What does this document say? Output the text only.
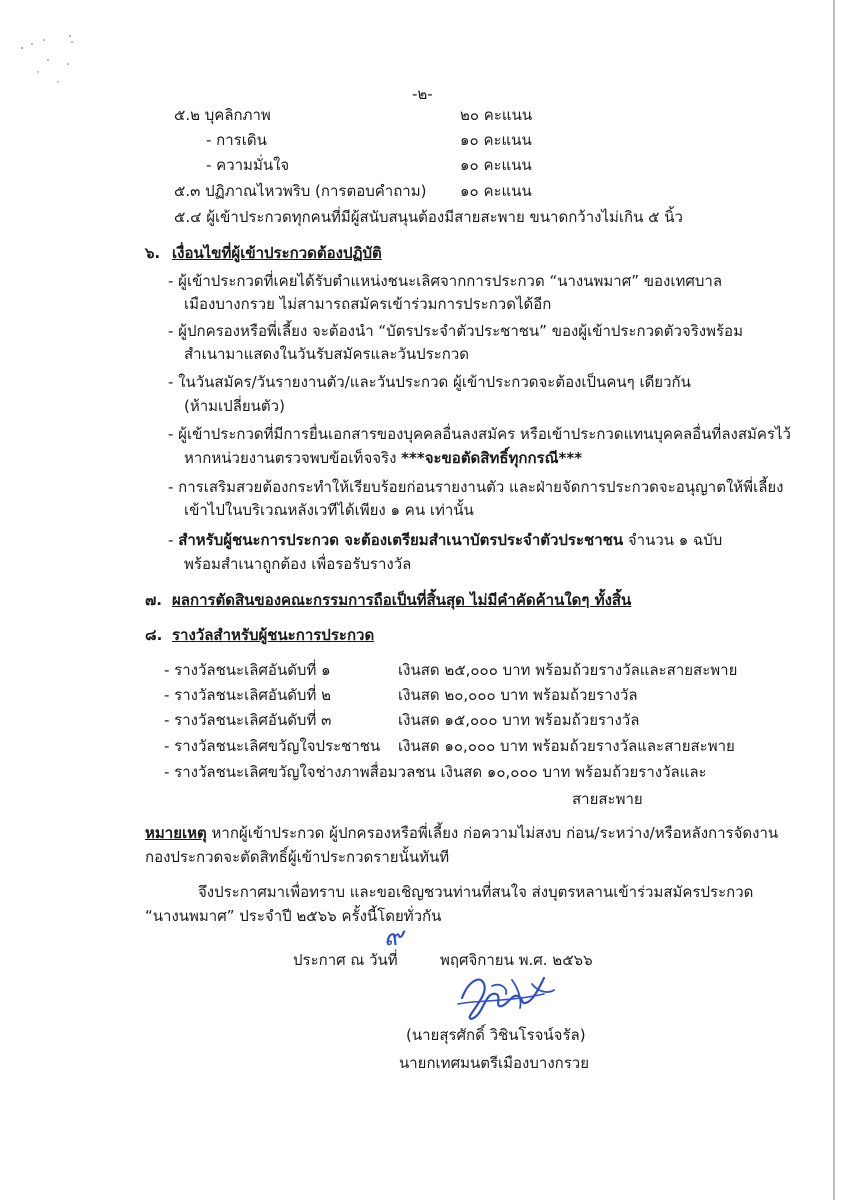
-๒-
๕.๒ บุคลิกภาพ	๒๐ คะแนน
- การเดิน	๑๐ คะแนน
- ความมั่นใจ	๑๐ คะแนน
๕.๓ ปฏิภาณไหวพริบ (การตอบคำถาม) ๑๐ คะแนน
๕.๔ ผู้เข้าประกวดทุกคนที่มีผู้สนับสนุนต้องมีสายสะพาย ขนาดกว้างไม่เกิน ๕ นิ้ว
๖. เงื่อนไขที่ผู้เข้าประกวดต้องปฏิบัติ
- ผู้เข้าประกวดที่เคยได้รับตำแหน่งชนะเลิศจากการประกวด “นางนพมาศ” ของเทศบาล
เมืองบางกรวย ไม่สามารถสมัครเข้าร่วมการประกวดได้อีก
- ผู้ปกครองหรือพี่เลี้ยง จะต้องนำ “บัตรประจำตัวประชาชน” ของผู้เข้าประกวดตัวจริงพร้อม
สำเนามาแสดงในวันรับสมัครและวันประกวด
- ในวันสมัคร/วันรายงานตัว/และวันประกวด ผู้เข้าประกวดจะต้องเป็นคนๆ เดียวกัน
(ห้ามเปลี่ยนตัว)
- ผู้เข้าประกวดที่มีการยื่นเอกสารของบุคคลอื่นลงสมัคร หรือเข้าประกวดแทนบุคคลอื่นที่ลงสมัครไว้
หากหน่วยงานตรวจพบข้อเท็จจริง ***จะขอตัดสิทธิ์ทุกกรณี***
- การเสริมสวยต้องกระทำให้เรียบร้อยก่อนรายงานตัว และฝ่ายจัดการประกวดจะอนุญาตให้พี่เลี้ยง
เข้าไปในบริเวณหลังเวทีได้เพียง ๑ คน เท่านั้น
- สำหรับผู้ชนะการประกวด จะต้องเตรียมสำเนาบัตรประจำตัวประชาชน จำนวน ๑ ฉบับ
พร้อมสำเนาถูกต้อง เพื่อรอรับรางวัล
๗. ผลการตัดสินของคณะกรรมการถือเป็นที่สิ้นสุด ไม่มีคำคัดค้านใดๆ ทั้งสิ้น
๘. รางวัลสำหรับผู้ชนะการประกวด
- รางวัลชนะเลิศอันดับที่ ๑	เงินสด ๒๕,๐๐๐ บาท พร้อมถ้วยรางวัลและสายสะพาย
- รางวัลชนะเลิศอันดับที่ ๒	เงินสด ๒๐,๐๐๐ บาท พร้อมถ้วยรางวัล
- รางวัลชนะเลิศอันดับที่ ๓	เงินสด ๑๕,๐๐๐ บาท พร้อมถ้วยรางวัล
- รางวัลชนะเลิศขวัญใจประชาชน เงินสด ๑๐,๐๐๐ บาท พร้อมถ้วยรางวัลและสายสะพาย
- รางวัลชนะเลิศขวัญใจช่างภาพสื่อมวลชน เงินสด ๑๐,๐๐๐ บาท พร้อมถ้วยรางวัลและ
สายสะพาย
หมายเหตุ หากผู้เข้าประกวด ผู้ปกครองหรือพี่เลี้ยง ก่อความไม่สงบ ก่อน/ระหว่าง/หรือหลังการจัดงาน
กองประกวดจะตัดสิทธิ์ผู้เข้าประกวดรายนั้นทันที
จึงประกาศมาเพื่อทราบ และขอเชิญชวนท่านที่สนใจ ส่งบุตรหลานเข้าร่วมสมัครประกวด
“นางนพมาศ” ประจำปี ๒๕๖๖ ครั้งนี้โดยทั่วกัน
ประกาศ ณ วันที่
๙
พฤศจิกายน พ.ศ. ๒๕๖๖
(นายสุรศักดิ์ วิชินโรจน์จรัล)
นายกเทศมนตรีเมืองบางกรวย
